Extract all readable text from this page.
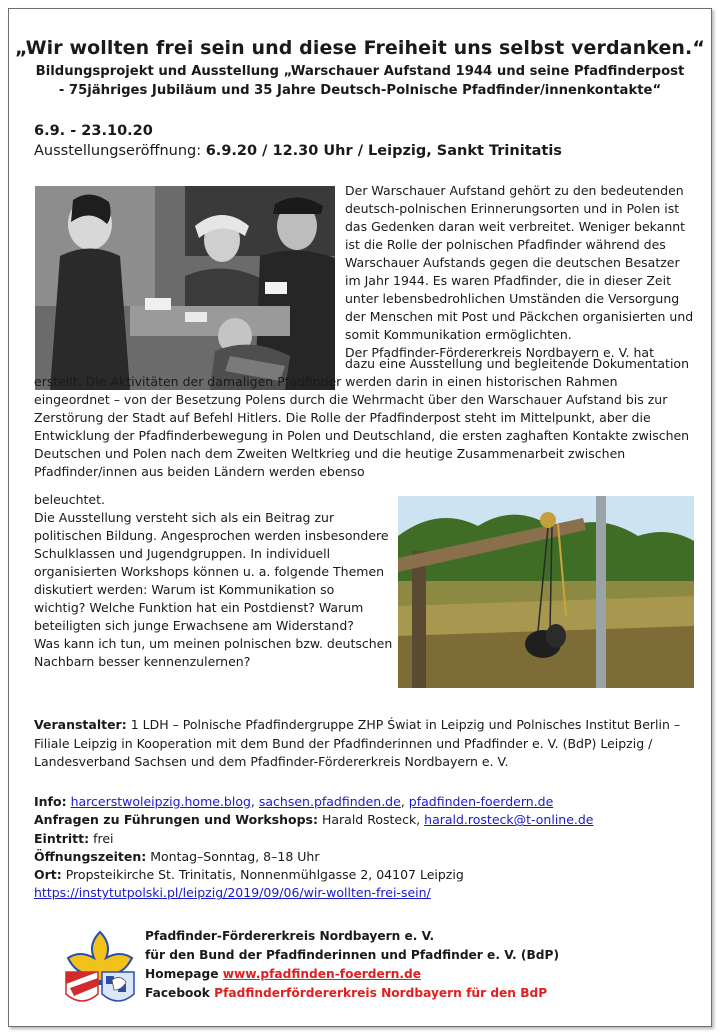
„Wir wollten frei sein und diese Freiheit uns selbst verdanken.“
Bildungsprojekt und Ausstellung „Warschauer Aufstand 1944 und seine Pfadfinderpost
- 75jähriges Jubiläum und 35 Jahre Deutsch-Polnische Pfadfinder/innenkontakte“
6.9. - 23.10.20
Ausstellungseröffnung: 6.9.20 / 12.30 Uhr / Leipzig, Sankt Trinitatis
Der Warschauer Aufstand gehört zu den bedeutenden
deutsch-polnischen Erinnerungsorten und in Polen ist
das Gedenken daran weit verbreitet. Weniger bekannt
ist die Rolle der polnischen Pfadfinder während des
Warschauer Aufstands gegen die deutschen Besatzer
im Jahr 1944. Es waren Pfadfinder, die in dieser Zeit
unter lebensbedrohlichen Umständen die Versorgung
der Menschen mit Post und Päckchen organisierten und
somit Kommunikation ermöglichten.
Der Pfadfinder-Fördererkreis Nordbayern e. V. hat
dazu eine Ausstellung und begleitende Dokumentation
erstellt. Die Aktivitäten der damaligen Pfadfinder werden darin in einen historischen Rahmen
eingeordnet – von der Besetzung Polens durch die Wehrmacht über den Warschauer Aufstand bis zur
Zerstörung der Stadt auf Befehl Hitlers. Die Rolle der Pfadfinderpost steht im Mittelpunkt, aber die
Entwicklung der Pfadfinderbewegung in Polen und Deutschland, die ersten zaghaften Kontakte zwischen
Deutschen und Polen nach dem Zweiten Weltkrieg und die heutige Zusammenarbeit zwischen
Pfadfinder/innen aus beiden Ländern werden ebenso
beleuchtet.
Die Ausstellung versteht sich als ein Beitrag zur
politischen Bildung. Angesprochen werden insbesondere
Schulklassen und Jugendgruppen. In individuell
organisierten Workshops können u. a. folgende Themen
diskutiert werden: Warum ist Kommunikation so
wichtig? Welche Funktion hat ein Postdienst? Warum
beteiligten sich junge Erwachsene am Widerstand?
Was kann ich tun, um meinen polnischen bzw. deutschen
Nachbarn besser kennenzulernen?
Veranstalter: 1 LDH – Polnische Pfadfindergruppe ZHP Świat in Leipzig und Polnisches Institut Berlin –
Filiale Leipzig in Kooperation mit dem Bund der Pfadfinderinnen und Pfadfinder e. V. (BdP) Leipzig /
Landesverband Sachsen und dem Pfadfinder-Fördererkreis Nordbayern e. V.
Info: harcerstwoleipzig.home.blog, sachsen.pfadfinden.de, pfadfinden-foerdern.de
Anfragen zu Führungen und Workshops: Harald Rosteck, harald.rosteck@t-online.de
Eintritt: frei
Öffnungszeiten: Montag–Sonntag, 8–18 Uhr
Ort: Propsteikirche St. Trinitatis, Nonnenmühlgasse 2, 04107 Leipzig
https://instytutpolski.pl/leipzig/2019/09/06/wir-wollten-frei-sein/
Pfadfinder-Fördererkreis Nordbayern e. V.
für den Bund der Pfadfinderinnen und Pfadfinder e. V. (BdP)
Homepage www.pfadfinden-foerdern.de
Facebook Pfadfinderfördererkreis Nordbayern für den BdP
